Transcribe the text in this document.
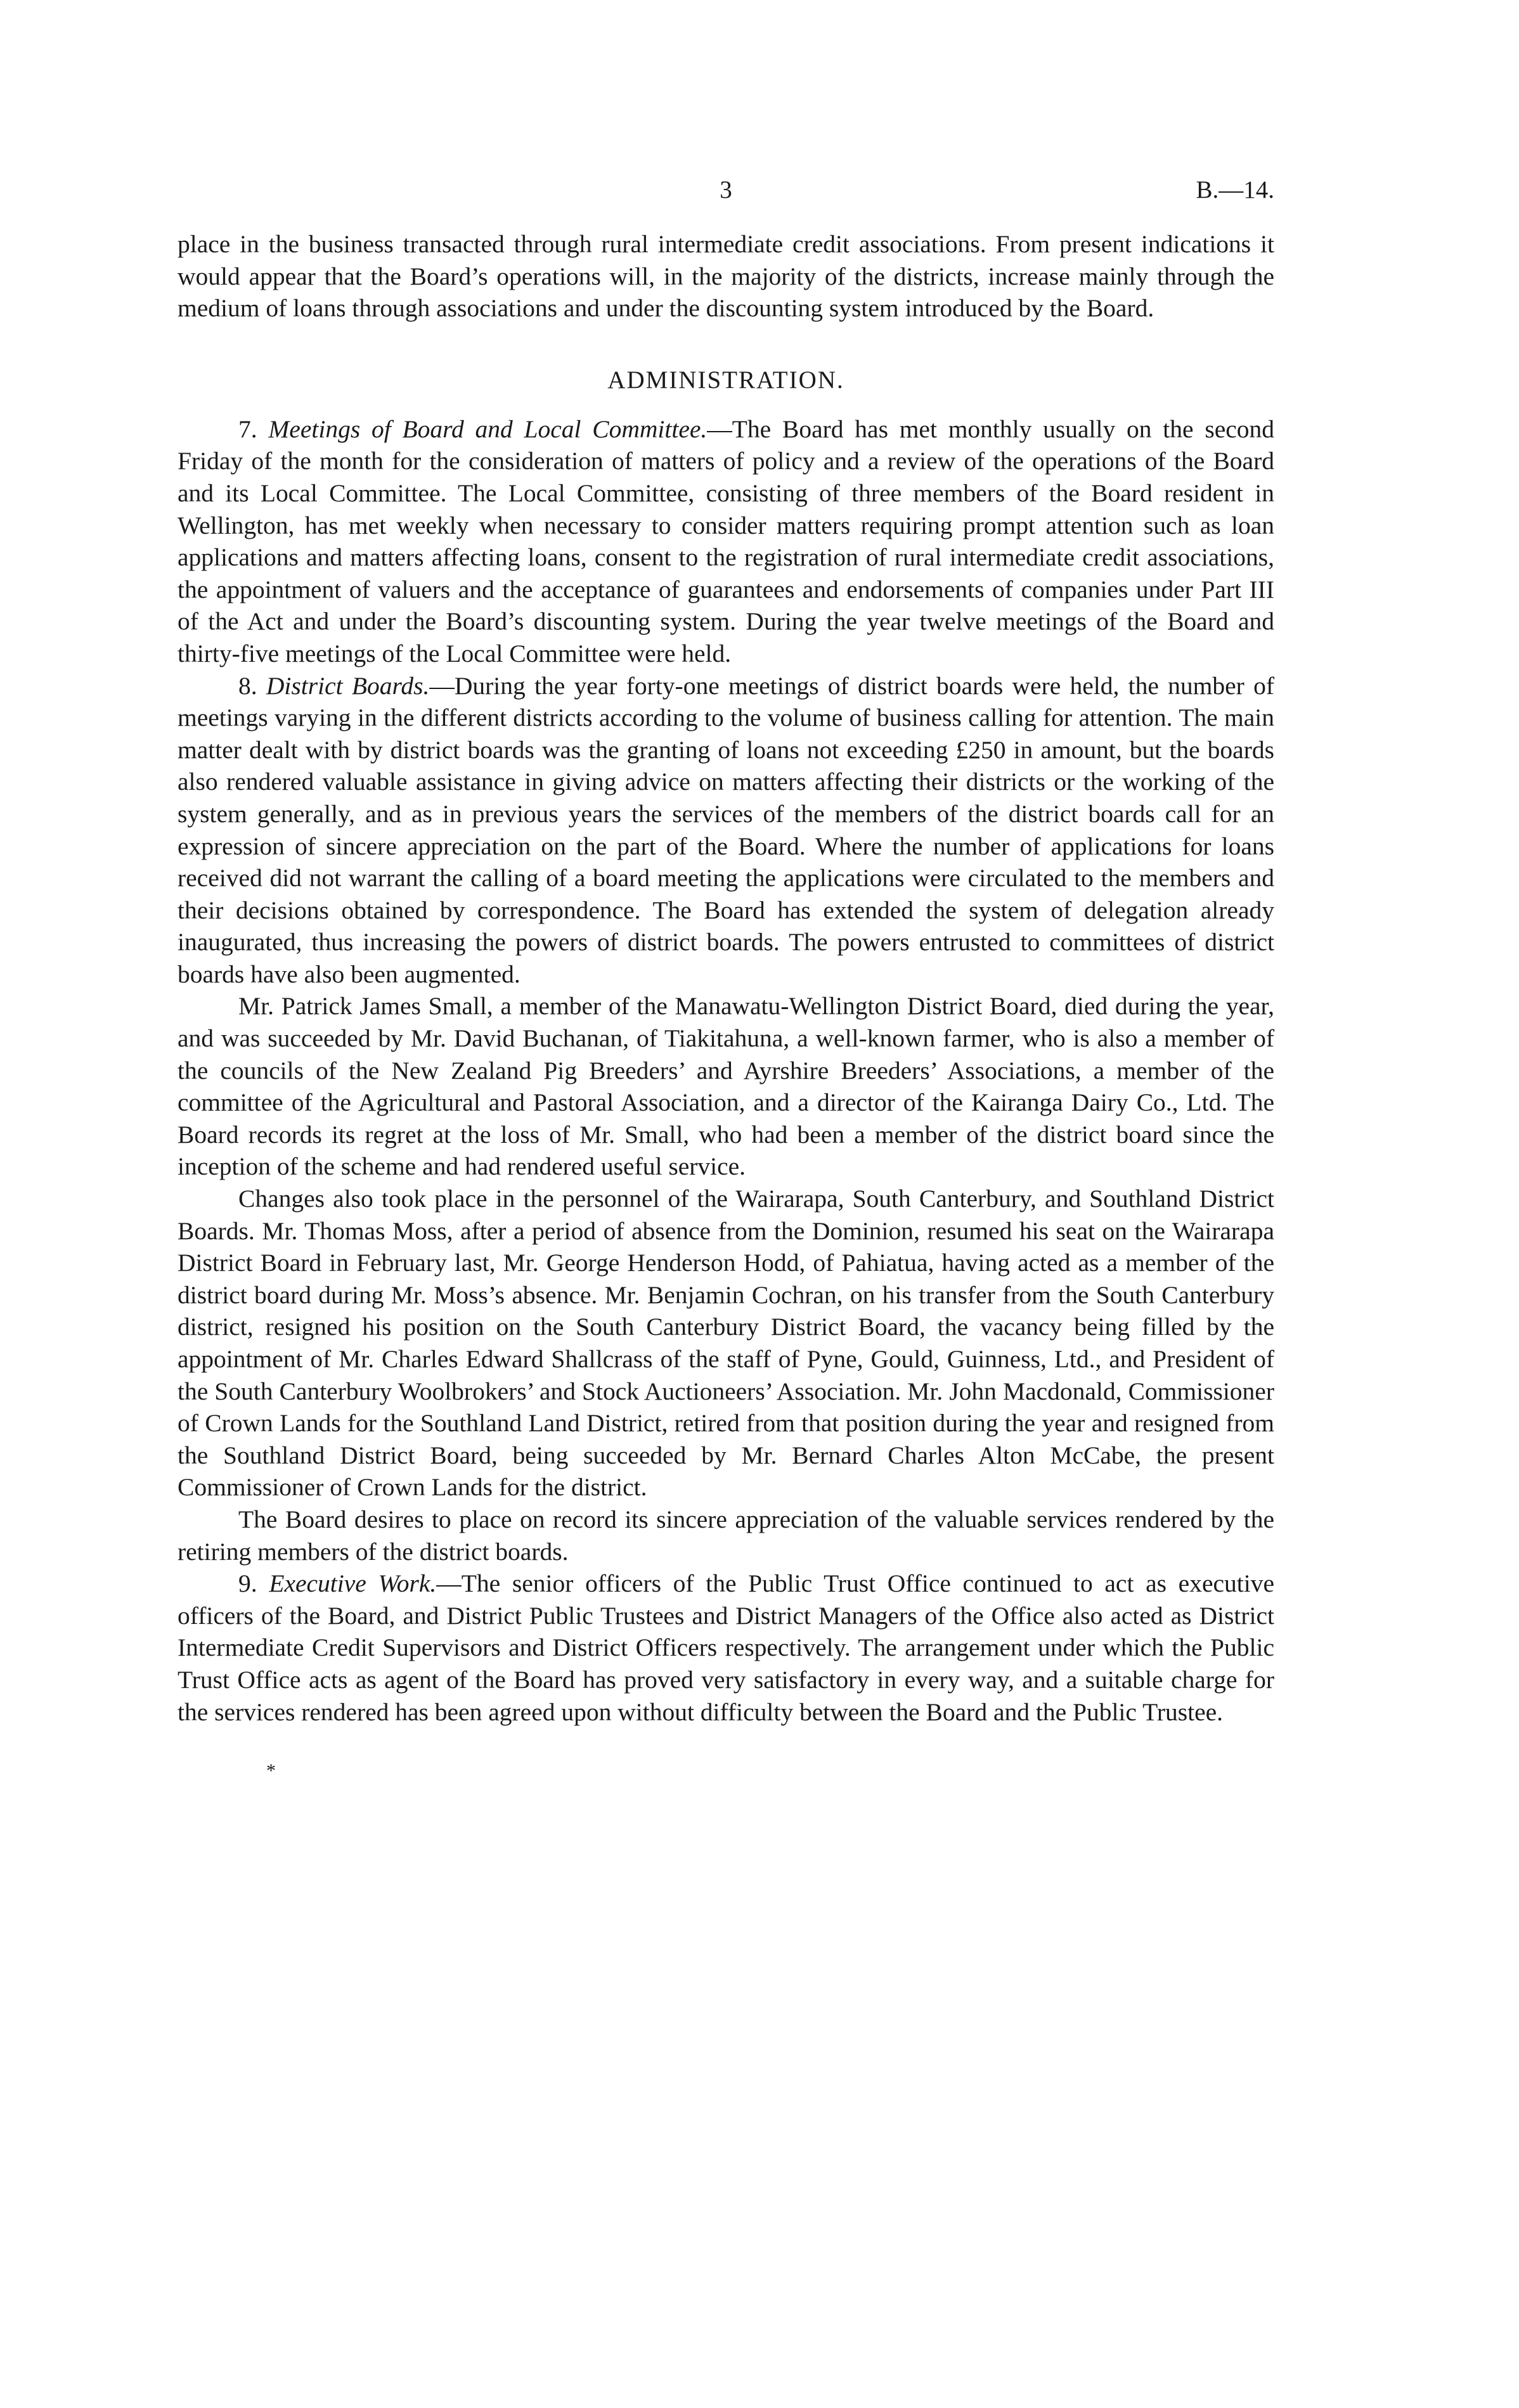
3	B.—14.

place in the business transacted through rural intermediate credit associations. From present indications it would appear that the Board’s operations will, in the majority of the districts, increase mainly through the medium of loans through associations and under the discounting system introduced by the Board.

ADMINISTRATION.

7. Meetings of Board and Local Committee.—The Board has met monthly usually on the second Friday of the month for the consideration of matters of policy and a review of the operations of the Board and its Local Committee. The Local Committee, consisting of three members of the Board resident in Wellington, has met weekly when necessary to consider matters requiring prompt attention such as loan applications and matters affecting loans, consent to the registration of rural intermediate credit associations, the appointment of valuers and the acceptance of guarantees and endorsements of companies under Part III of the Act and under the Board’s discounting system. During the year twelve meetings of the Board and thirty-five meetings of the Local Committee were held.

8. District Boards.—During the year forty-one meetings of district boards were held, the number of meetings varying in the different districts according to the volume of business calling for attention. The main matter dealt with by district boards was the granting of loans not exceeding £250 in amount, but the boards also rendered valuable assistance in giving advice on matters affecting their districts or the working of the system generally, and as in previous years the services of the members of the district boards call for an expression of sincere appreciation on the part of the Board. Where the number of applications for loans received did not warrant the calling of a board meeting the applications were circulated to the members and their decisions obtained by correspondence. The Board has extended the system of delegation already inaugurated, thus increasing the powers of district boards. The powers entrusted to committees of district boards have also been augmented.

Mr. Patrick James Small, a member of the Manawatu-Wellington District Board, died during the year, and was succeeded by Mr. David Buchanan, of Tiakitahuna, a well-known farmer, who is also a member of the councils of the New Zealand Pig Breeders’ and Ayrshire Breeders’ Associations, a member of the committee of the Agricultural and Pastoral Association, and a director of the Kairanga Dairy Co., Ltd. The Board records its regret at the loss of Mr. Small, who had been a member of the district board since the inception of the scheme and had rendered useful service.

Changes also took place in the personnel of the Wairarapa, South Canterbury, and Southland District Boards. Mr. Thomas Moss, after a period of absence from the Dominion, resumed his seat on the Wairarapa District Board in February last, Mr. George Henderson Hodd, of Pahiatua, having acted as a member of the district board during Mr. Moss’s absence. Mr. Benjamin Cochran, on his transfer from the South Canterbury district, resigned his position on the South Canterbury District Board, the vacancy being filled by the appointment of Mr. Charles Edward Shallcrass of the staff of Pyne, Gould, Guinness, Ltd., and President of the South Canterbury Woolbrokers’ and Stock Auctioneers’ Association. Mr. John Macdonald, Commissioner of Crown Lands for the Southland Land District, retired from that position during the year and resigned from the Southland District Board, being succeeded by Mr. Bernard Charles Alton McCabe, the present Commissioner of Crown Lands for the district.

The Board desires to place on record its sincere appreciation of the valuable services rendered by the retiring members of the district boards.

9. Executive Work.—The senior officers of the Public Trust Office continued to act as executive officers of the Board, and District Public Trustees and District Managers of the Office also acted as District Intermediate Credit Supervisors and District Officers respectively. The arrangement under which the Public Trust Office acts as agent of the Board has proved very satisfactory in every way, and a suitable charge for the services rendered has been agreed upon without difficulty between the Board and the Public Trustee.

*
